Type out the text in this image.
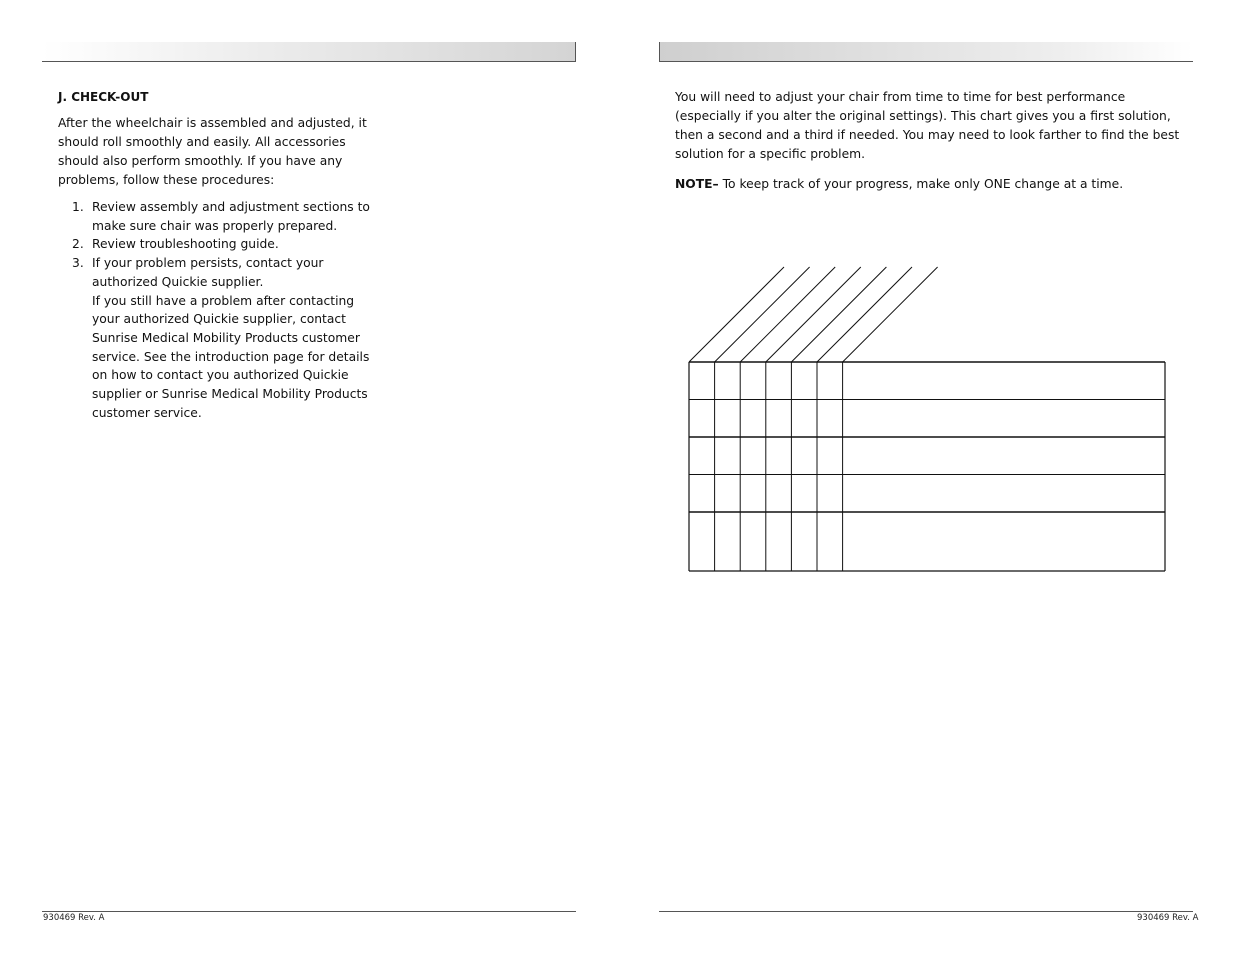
J. CHECK-OUT

After the wheelchair is assembled and adjusted, it should roll smoothly and easily. All accessories should also perform smoothly. If you have any problems, follow these procedures:

1. Review assembly and adjustment sections to make sure chair was properly prepared.
2. Review troubleshooting guide.
3. If your problem persists, contact your authorized Quickie supplier.
If you still have a problem after contacting your authorized Quickie supplier, contact Sunrise Medical Mobility Products customer service. See the introduction page for details on how to contact you authorized Quickie supplier or Sunrise Medical Mobility Products customer service.

You will need to adjust your chair from time to time for best performance (especially if you alter the original settings). This chart gives you a first solution, then a second and a third if needed. You may need to look farther to find the best solution for a specific problem.

NOTE– To keep track of your progress, make only ONE change at a time.

930469 Rev. A	930469 Rev. A
